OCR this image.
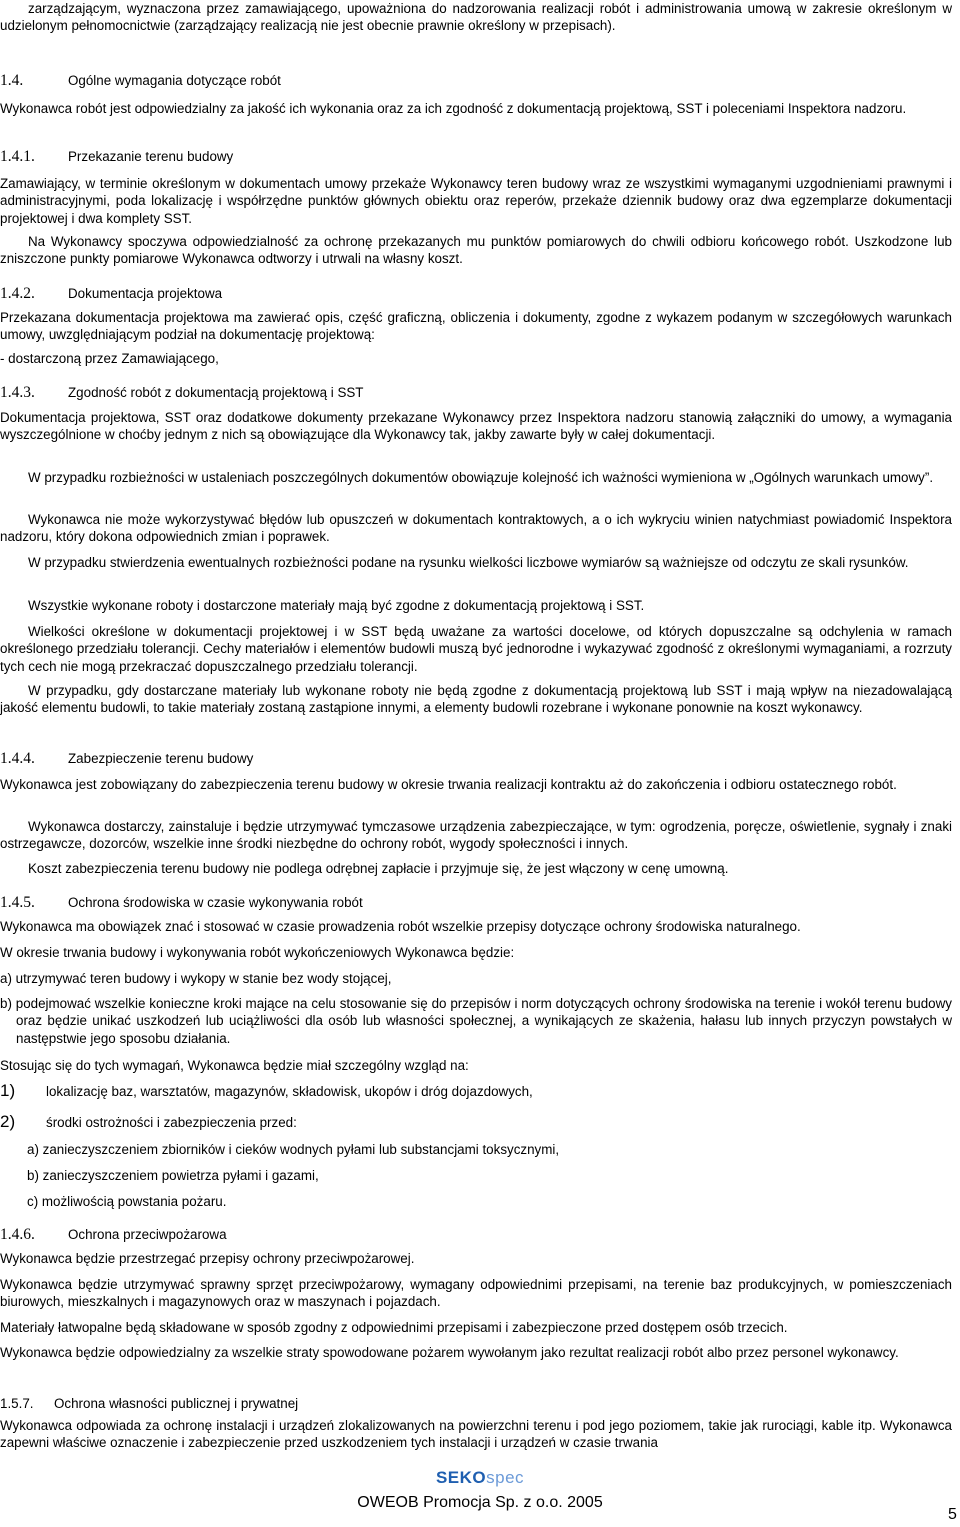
zarządzającym, wyznaczona przez zamawiającego, upoważniona do nadzorowania realizacji robót i administrowania umową w zakresie określonym w udzielonym pełnomocnictwie (zarządzający realizacją nie jest obecnie prawnie określony w przepisach).

1.4.	Ogólne wymagania dotyczące robót

Wykonawca robót jest odpowiedzialny za jakość ich wykonania oraz za ich zgodność z dokumentacją projektową, SST i poleceniami Inspektora nadzoru.

1.4.1. Przekazanie terenu budowy

Zamawiający, w terminie określonym w dokumentach umowy przekaże Wykonawcy teren budowy wraz ze wszystkimi wymaganymi uzgodnieniami prawnymi i administracyjnymi, poda lokalizację i współrzędne punktów głównych obiektu oraz reperów, przekaże dziennik budowy oraz dwa egzemplarze dokumentacji projektowej i dwa komplety SST.

Na Wykonawcy spoczywa odpowiedzialność za ochronę przekazanych mu punktów pomiarowych do chwili odbioru końcowego robót. Uszkodzone lub zniszczone punkty pomiarowe Wykonawca odtworzy i utrwali na własny koszt.

1.4.2. Dokumentacja projektowa

Przekazana dokumentacja projektowa ma zawierać opis, część graficzną, obliczenia i dokumenty, zgodne z wykazem podanym w szczegółowych warunkach umowy, uwzględniającym podział na dokumentację projektową:

- dostarczoną przez Zamawiającego,

1.4.3. Zgodność robót z dokumentacją projektową i SST

Dokumentacja projektowa, SST oraz dodatkowe dokumenty przekazane Wykonawcy przez Inspektora nadzoru stanowią załączniki do umowy, a wymagania wyszczególnione w choćby jednym z nich są obowiązujące dla Wykonawcy tak, jakby zawarte były w całej dokumentacji.

W przypadku rozbieżności w ustaleniach poszczególnych dokumentów obowiązuje kolejność ich ważności wymieniona w „Ogólnych warunkach umowy”.

Wykonawca nie może wykorzystywać błędów lub opuszczeń w dokumentach kontraktowych, a o ich wykryciu winien natychmiast powiadomić Inspektora nadzoru, który dokona odpowiednich zmian i poprawek.

W przypadku stwierdzenia ewentualnych rozbieżności podane na rysunku wielkości liczbowe wymiarów są ważniejsze od odczytu ze skali rysunków.

Wszystkie wykonane roboty i dostarczone materiały mają być zgodne z dokumentacją projektową i SST.

Wielkości określone w dokumentacji projektowej i w SST będą uważane za wartości docelowe, od których dopuszczalne są odchylenia w ramach określonego przedziału tolerancji. Cechy materiałów i elementów budowli muszą być jednorodne i wykazywać zgodność z określonymi wymaganiami, a rozrzuty tych cech nie mogą przekraczać dopuszczalnego przedziału tolerancji.

W przypadku, gdy dostarczane materiały lub wykonane roboty nie będą zgodne z dokumentacją projektową lub SST i mają wpływ na niezadowalającą jakość elementu budowli, to takie materiały zostaną zastąpione innymi, a elementy budowli rozebrane i wykonane ponownie na koszt wykonawcy.

1.4.4. Zabezpieczenie terenu budowy

Wykonawca jest zobowiązany do zabezpieczenia terenu budowy w okresie trwania realizacji kontraktu aż do zakończenia i odbioru ostatecznego robót.

Wykonawca dostarczy, zainstaluje i będzie utrzymywać tymczasowe urządzenia zabezpieczające, w tym: ogrodzenia, poręcze, oświetlenie, sygnały i znaki ostrzegawcze, dozorców, wszelkie inne środki niezbędne do ochrony robót, wygody społeczności i innych.

Koszt zabezpieczenia terenu budowy nie podlega odrębnej zapłacie i przyjmuje się, że jest włączony w cenę umowną.

1.4.5. Ochrona środowiska w czasie wykonywania robót

Wykonawca ma obowiązek znać i stosować w czasie prowadzenia robót wszelkie przepisy dotyczące ochrony środowiska naturalnego.

W okresie trwania budowy i wykonywania robót wykończeniowych Wykonawca będzie:

a) utrzymywać teren budowy i wykopy w stanie bez wody stojącej,

b) podejmować wszelkie konieczne kroki mające na celu stosowanie się do przepisów i norm dotyczących ochrony środowiska na terenie i wokół terenu budowy oraz będzie unikać uszkodzeń lub uciążliwości dla osób lub własności społecznej, a wynikających ze skażenia, hałasu lub innych przyczyn powstałych w następstwie jego sposobu działania.

Stosując się do tych wymagań, Wykonawca będzie miał szczególny wzgląd na:

1) lokalizację baz, warsztatów, magazynów, składowisk, ukopów i dróg dojazdowych,
2) środki ostrożności i zabezpieczenia przed:

a) zanieczyszczeniem zbiorników i cieków wodnych pyłami lub substancjami toksycznymi,

b) zanieczyszczeniem powietrza pyłami i gazami,

c) możliwością powstania pożaru.

1.4.6. Ochrona przeciwpożarowa

Wykonawca będzie przestrzegać przepisy ochrony przeciwpożarowej.

Wykonawca będzie utrzymywać sprawny sprzęt przeciwpożarowy, wymagany odpowiednimi przepisami, na terenie baz produkcyjnych, w pomieszczeniach biurowych, mieszkalnych i magazynowych oraz w maszynach i pojazdach.

Materiały łatwopalne będą składowane w sposób zgodny z odpowiednimi przepisami i zabezpieczone przed dostępem osób trzecich.

Wykonawca będzie odpowiedzialny za wszelkie straty spowodowane pożarem wywołanym jako rezultat realizacji robót albo przez personel wykonawcy.

1.5.7. Ochrona własności publicznej i prywatnej

Wykonawca odpowiada za ochronę instalacji i urządzeń zlokalizowanych na powierzchni terenu i pod jego poziomem, takie jak rurociągi, kable itp. Wykonawca zapewni właściwe oznaczenie i zabezpieczenie przed uszkodzeniem tych instalacji i urządzeń w czasie trwania

SEKOspec
OWEOB Promocja Sp. z o.o. 2005
5
